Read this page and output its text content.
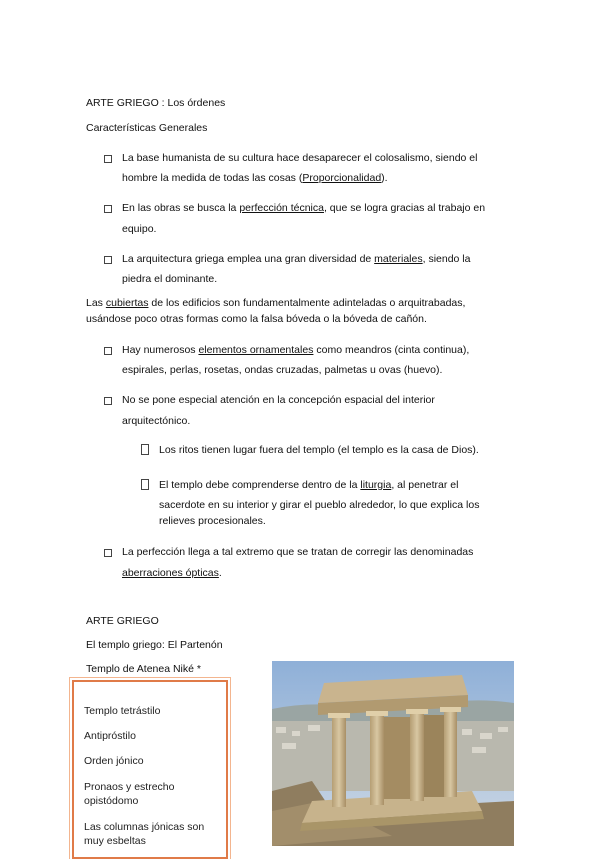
ARTE GRIEGO : Los órdenes
Características Generales
La base humanista de su cultura hace desaparecer el colosalismo, siendo el
hombre la medida de todas las cosas (Proporcionalidad).
En las obras se busca la perfección técnica, que se logra gracias al trabajo en
equipo.
La arquitectura griega emplea una gran diversidad de materiales, siendo la
piedra el dominante.
Las cubiertas de los edificios son fundamentalmente adinteladas o arquitrabadas,
usándose poco otras formas como la falsa bóveda o la bóveda de cañón.
Hay numerosos elementos ornamentales como meandros (cinta continua),
espirales, perlas, rosetas, ondas cruzadas, palmetas u ovas (huevo).
No se pone especial atención en la concepción espacial del interior
arquitectónico.
Los ritos tienen lugar fuera del templo (el templo es la casa de Dios).
El templo debe comprenderse dentro de la liturgia, al penetrar el
sacerdote en su interior y girar el pueblo alrededor, lo que explica los
relieves procesionales.
La perfección llega a tal extremo que se tratan de corregir las denominadas
aberraciones ópticas.
ARTE GRIEGO
El templo griego: El Partenón
Templo de Atenea Niké *
Templo tetrástilo
Antipróstilo
Orden jónico
Pronaos y estrecho
opistódomo
Las columnas jónicas son
muy esbeltas
